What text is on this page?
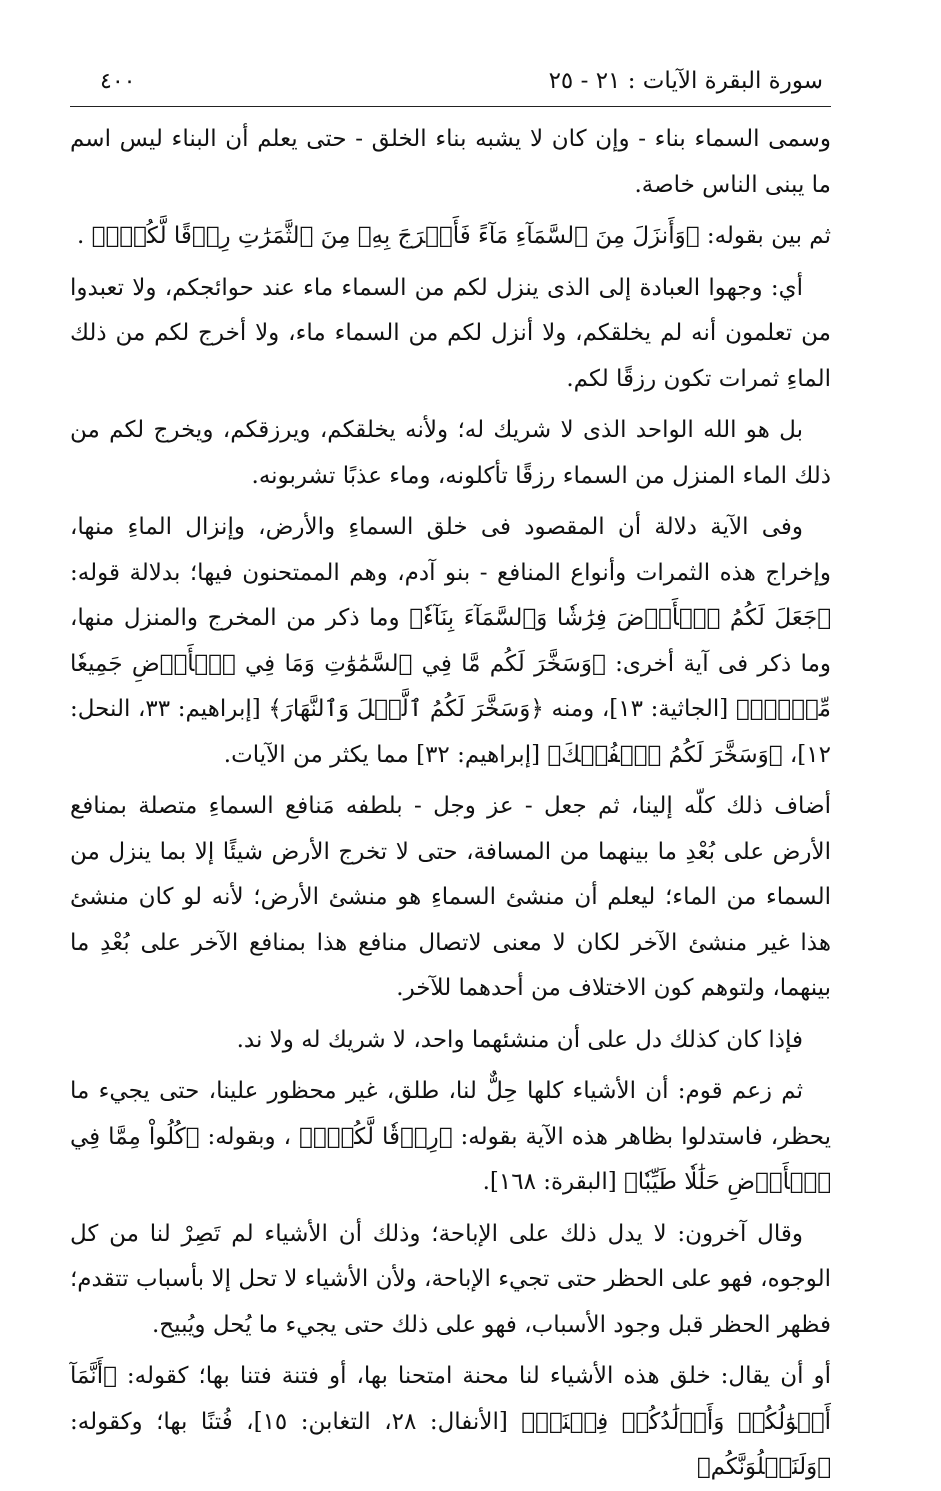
سورة البقرة الآيات : ٢١ - ٢٥
٤٠٠

وسمى السماء بناء - وإن كان لا يشبه بناء الخلق - حتى يعلم أن البناء ليس اسم ما يبنى الناس خاصة.

ثم بين بقوله: ﴿وَأَنزَلَ مِنَ ٱلسَّمَآءِ مَآءً فَأَخۡرَجَ بِهِۦ مِنَ ٱلثَّمَرَٰتِ رِزۡقًا لَّكُمۡۖ﴾ .

أي: وجهوا العبادة إلى الذى ينزل لكم من السماء ماء عند حوائجكم، ولا تعبدوا من تعلمون أنه لم يخلقكم، ولا أنزل لكم من السماء ماء، ولا أخرج لكم من ذلك الماءِ ثمرات تكون رزقًا لكم.

بل هو الله الواحد الذى لا شريك له؛ ولأنه يخلقكم، ويرزقكم، ويخرج لكم من ذلك الماء المنزل من السماء رزقًا تأكلونه، وماء عذبًا تشربونه.

وفى الآية دلالة أن المقصود فى خلق السماءِ والأرض، وإنزال الماءِ منها، وإخراج هذه الثمرات وأنواع المنافع - بنو آدم، وهم الممتحنون فيها؛ بدلالة قوله: ﴿جَعَلَ لَكُمُ ٱلۡأَرۡضَ فِرَٰشٗا وَٱلسَّمَآءَ بِنَآءٗ﴾ وما ذكر من المخرج والمنزل منها، وما ذكر فى آية أخرى: ﴿وَسَخَّرَ لَكُم مَّا فِي ٱلسَّمَٰوَٰتِ وَمَا فِي ٱلۡأَرۡضِ جَمِيعٗا مِّنۡهُۚ﴾ [الجاثية: ١٣]، ومنه ﴿وَسَخَّرَ لَكُمُ ٱلَّيۡلَ وَٱلنَّهَارَ﴾ [إبراهيم: ٣٣، النحل: ١٢]، ﴿وَسَخَّرَ لَكُمُ ٱلۡفُلۡكَ﴾ [إبراهيم: ٣٢] مما يكثر من الآيات.

أضاف ذلك كلّه إلينا، ثم جعل - عز وجل - بلطفه مَنافع السماءِ متصلة بمنافع الأرض على بُعْدِ ما بينهما من المسافة، حتى لا تخرج الأرض شيئًا إلا بما ينزل من السماء من الماء؛ ليعلم أن منشئ السماءِ هو منشئ الأرض؛ لأنه لو كان منشئ هذا غير منشئ الآخر لكان لا معنى لاتصال منافع هذا بمنافع الآخر على بُعْدِ ما بينهما، ولتوهم كون الاختلاف من أحدهما للآخر.

فإذا كان كذلك دل على أن منشئهما واحد، لا شريك له ولا ند.

ثم زعم قوم: أن الأشياء كلها حِلٌّ لنا، طلق، غير محظور علينا، حتى يجيء ما يحظر، فاستدلوا بظاهر هذه الآية بقوله: ﴿رِزۡقٗا لَّكُمۡۖ﴾ ، وبقوله: ﴿كُلُواْ مِمَّا فِي ٱلۡأَرۡضِ حَلَٰلٗا طَيِّبٗا﴾ [البقرة: ١٦٨].

وقال آخرون: لا يدل ذلك على الإباحة؛ وذلك أن الأشياء لم تَصِرْ لنا من كل الوجوه، فهو على الحظر حتى تجيء الإباحة، ولأن الأشياء لا تحل إلا بأسباب تتقدم؛ فظهر الحظر قبل وجود الأسباب، فهو على ذلك حتى يجيء ما يُحل ويُبيح.

أو أن يقال: خلق هذه الأشياء لنا محنة امتحنا بها، أو فتنة فتنا بها؛ كقوله: ﴿أَنَّمَآ أَمۡوَٰلُكُمۡ وَأَوۡلَٰدُكُمۡ فِتۡنَةٞ﴾ [الأنفال: ٢٨، التغابن: ١٥]، فُتنًا بها؛ وكقوله: ﴿وَلَنَبۡلُوَنَّكُم﴾
